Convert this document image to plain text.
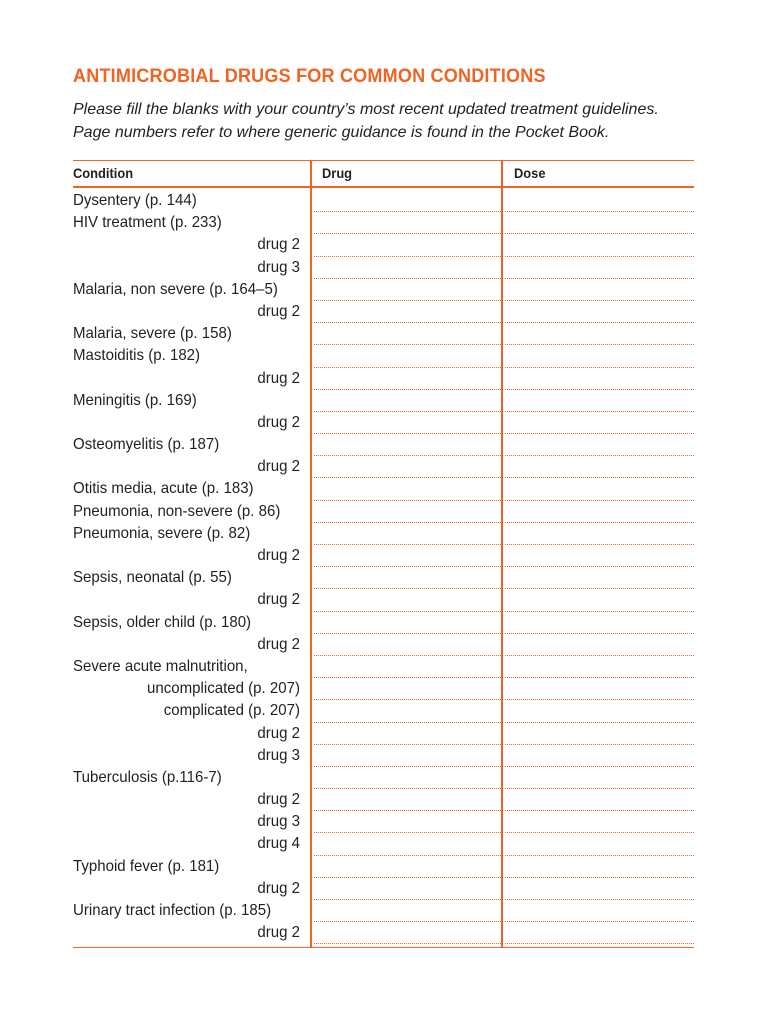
ANTIMICROBIAL DRUGS FOR COMMON CONDITIONS

Please fill the blanks with your country’s most recent updated treatment guidelines.
Page numbers refer to where generic guidance is found in the Pocket Book.

Condition	Drug	Dose
Dysentery (p. 144)
HIV treatment (p. 233)
drug 2
drug 3
Malaria, non severe (p. 164–5)
drug 2
Malaria, severe (p. 158)
Mastoiditis (p. 182)
drug 2
Meningitis (p. 169)
drug 2
Osteomyelitis (p. 187)
drug 2
Otitis media, acute (p. 183)
Pneumonia, non-severe (p. 86)
Pneumonia, severe (p. 82)
drug 2
Sepsis, neonatal (p. 55)
drug 2
Sepsis, older child (p. 180)
drug 2
Severe acute malnutrition,
uncomplicated (p. 207)
complicated (p. 207)
drug 2
drug 3
Tuberculosis (p.116-7)
drug 2
drug 3
drug 4
Typhoid fever (p. 181)
drug 2
Urinary tract infection (p. 185)
drug 2
